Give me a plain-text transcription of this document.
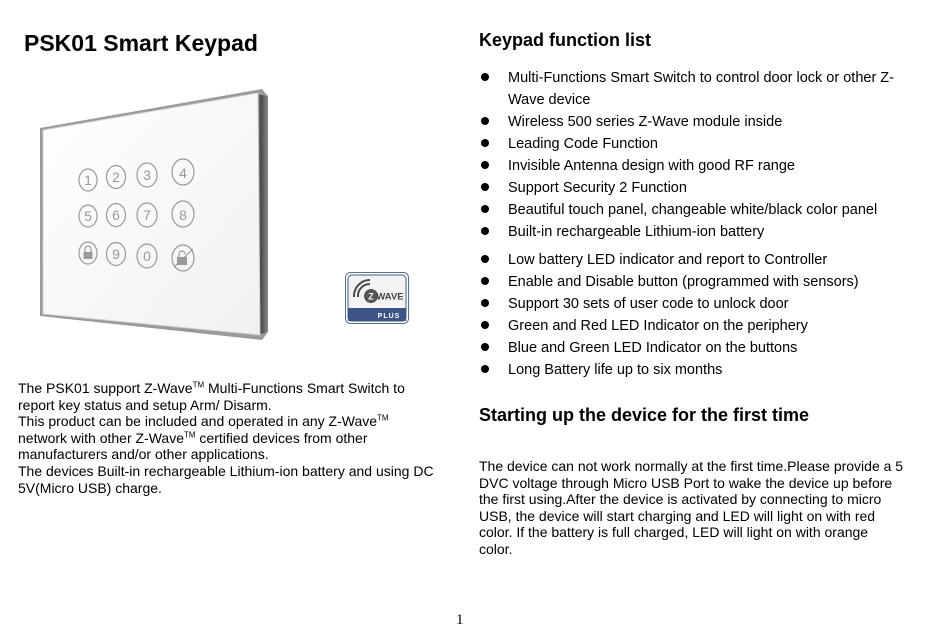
PSK01 Smart Keypad
1 2 3 4
5 6 7 8
9 0
Z WAVE
PLUS

The PSK01 support Z-Wave™ Multi-Functions Smart Switch to report key status and setup Arm/ Disarm.
This product can be included and operated in any Z-Wave™ network with other Z-Wave™ certified devices from other manufacturers and/or other applications.
The devices Built-in rechargeable Lithium-ion battery and using DC 5V(Micro USB) charge.

Keypad function list
Multi-Functions Smart Switch to control door lock or other Z-Wave device
Wireless 500 series Z-Wave module inside
Leading Code Function
Invisible Antenna design with good RF range
Support Security 2 Function
Beautiful touch panel, changeable white/black color panel
Built-in rechargeable Lithium-ion battery
Low battery LED indicator and report to Controller
Enable and Disable button (programmed with sensors)
Support 30 sets of user code to unlock door
Green and Red LED Indicator on the periphery
Blue and Green LED Indicator on the buttons
Long Battery life up to six months
Starting up the device for the first time

The device can not work normally at the first time.Please provide a 5 DVC voltage through Micro USB Port to wake the device up before the first using.After the device is activated by connecting to micro USB, the device will start charging and LED will light on with red color. If the battery is full charged, LED will light on with orange color.

1
